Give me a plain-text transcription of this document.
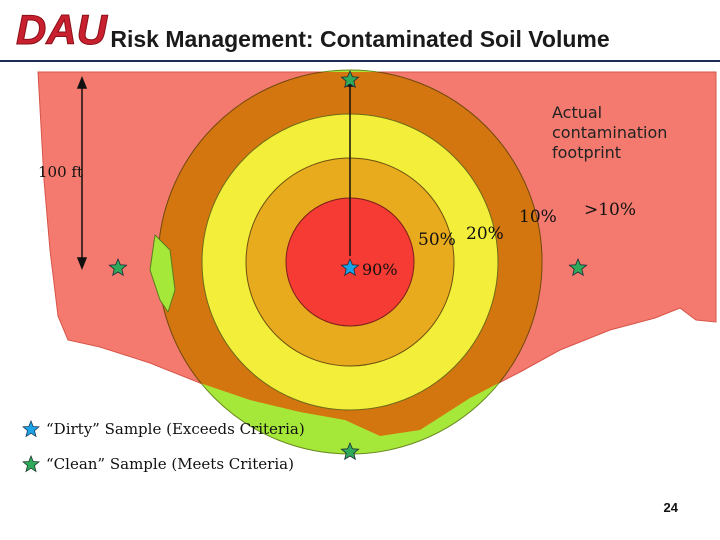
DAU Risk Management: Contaminated Soil Volume
100 ft
Actual
contamination
footprint
90%
50% 20%
10% >10%
“Dirty” Sample (Exceeds Criteria)
“Clean” Sample (Meets Criteria)
24
